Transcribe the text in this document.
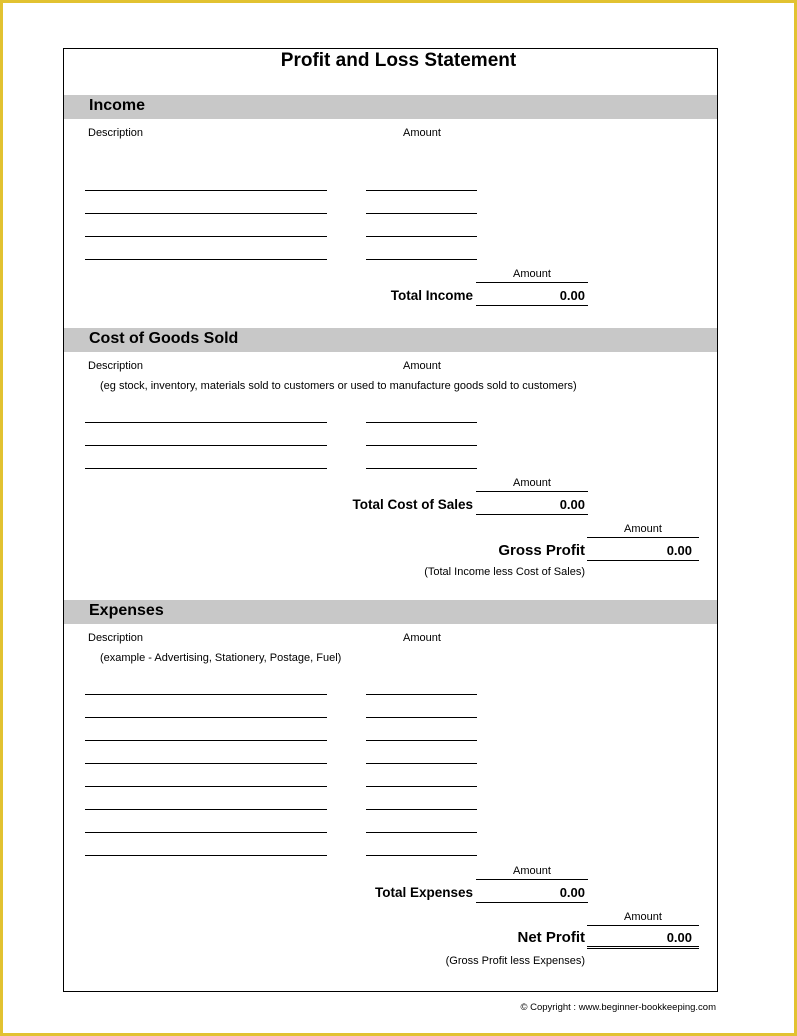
Profit and Loss Statement
Income
Description	Amount
Amount
Total Income	0.00
Cost of Goods Sold
Description	Amount
(eg stock, inventory, materials sold to customers or used to manufacture goods sold to customers)
Amount
Total Cost of Sales	0.00
Amount
Gross Profit	0.00
(Total Income less Cost of Sales)
Expenses
Description	Amount
(example - Advertising, Stationery, Postage, Fuel)
Amount
Total Expenses	0.00
Amount
Net Profit	0.00
(Gross Profit less Expenses)
© Copyright : www.beginner-bookkeeping.com
